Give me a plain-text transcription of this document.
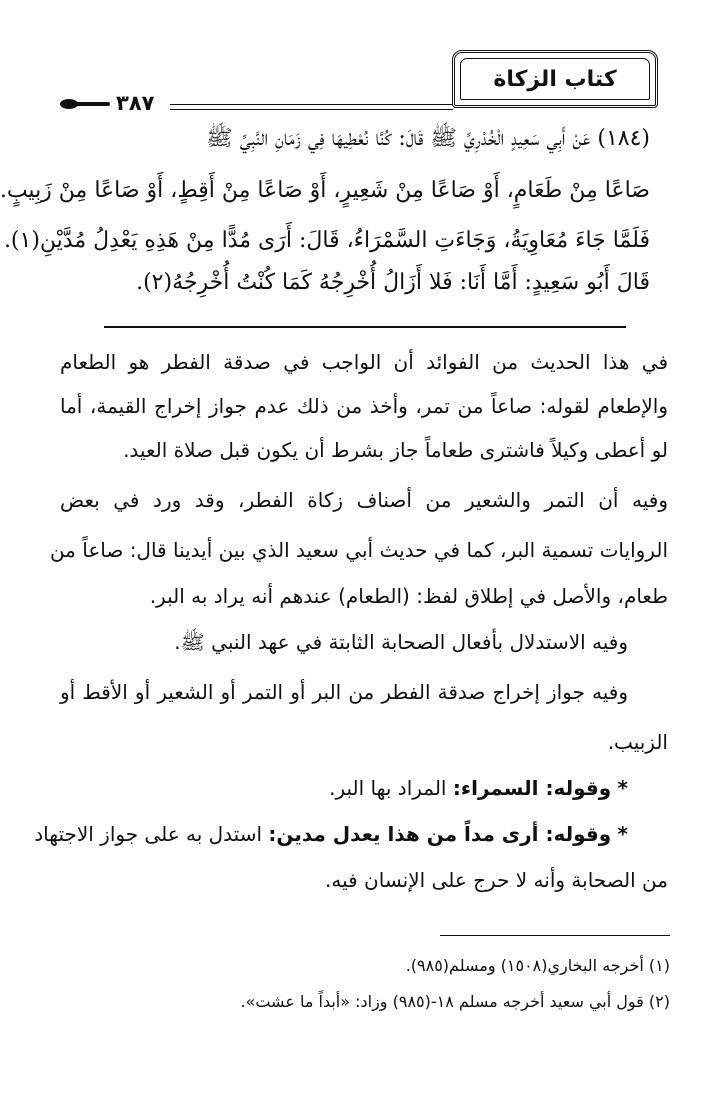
كتاب الزكاة
٣٨٧
(١٨٤) عَنْ أَبِي سَعِيدٍ الْخُدْرِيِّ ﷺ قَالَ: كُنَّا نُعْطِيهَا فِي زَمَانِ النَّبِيِّ ﷺ
صَاعًا مِنْ طَعَامٍ، أَوْ صَاعًا مِنْ شَعِيرٍ، أَوْ صَاعًا مِنْ أَقِطٍ، أَوْ صَاعًا مِنْ زَبِيبٍ.
فَلَمَّا جَاءَ مُعَاوِيَةُ، وَجَاءَتِ السَّمْرَاءُ، قَالَ: أَرَى مُدًّا مِنْ هَذِهِ يَعْدِلُ مُدَّيْنِ(١).
قَالَ أَبُو سَعِيدٍ: أَمَّا أَنَا: فَلا أَزَالُ أُخْرِجُهُ كَمَا كُنْتُ أُخْرِجُهُ(٢).
في هذا الحديث من الفوائد أن الواجب في صدقة الفطر هو الطعام
والإطعام لقوله: صاعاً من تمر، وأخذ من ذلك عدم جواز إخراج القيمة، أما
لو أعطى وكيلاً فاشترى طعاماً جاز بشرط أن يكون قبل صلاة العيد.
وفيه أن التمر والشعير من أصناف زكاة الفطر، وقد ورد في بعض
الروايات تسمية البر، كما في حديث أبي سعيد الذي بين أيدينا قال: صاعاً من
طعام، والأصل في إطلاق لفظ: (الطعام) عندهم أنه يراد به البر.
وفيه الاستدلال بأفعال الصحابة الثابتة في عهد النبي ﷺ.
وفيه جواز إخراج صدقة الفطر من البر أو التمر أو الشعير أو الأقط أو
الزبيب.
* وقوله: السمراء: المراد بها البر.
* وقوله: أرى مداً من هذا يعدل مدين: استدل به على جواز الاجتهاد
من الصحابة وأنه لا حرج على الإنسان فيه.
(١) أخرجه البخاري(١٥٠٨) ومسلم(٩٨٥).
(٢) قول أبي سعيد أخرجه مسلم ١٨-(٩٨٥) وزاد: «أبداً ما عشت».
